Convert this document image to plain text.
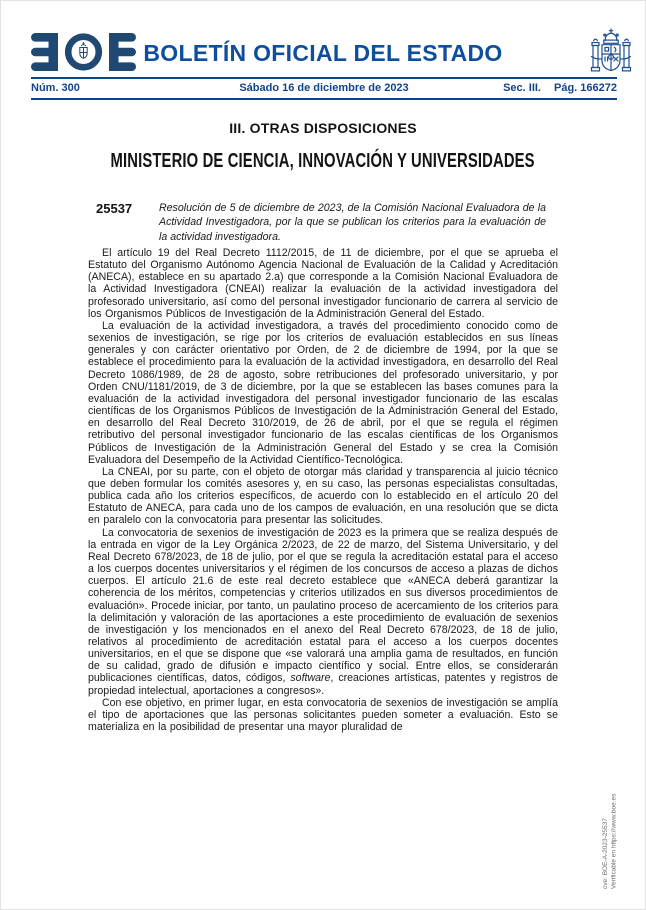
BOLETÍN OFICIAL DEL ESTADO
Núm. 300	Sábado 16 de diciembre de 2023	Sec. III. Pág. 166272
III. OTRAS DISPOSICIONES
MINISTERIO DE CIENCIA, INNOVACIÓN Y UNIVERSIDADES
25537	Resolución de 5 de diciembre de 2023, de la Comisión Nacional Evaluadora de la Actividad Investigadora, por la que se publican los criterios para la evaluación de la actividad investigadora.

El artículo 19 del Real Decreto 1112/2015, de 11 de diciembre, por el que se aprueba el Estatuto del Organismo Autónomo Agencia Nacional de Evaluación de la Calidad y Acreditación (ANECA), establece en su apartado 2.a) que corresponde a la Comisión Nacional Evaluadora de la Actividad Investigadora (CNEAI) realizar la evaluación de la actividad investigadora del profesorado universitario, así como del personal investigador funcionario de carrera al servicio de los Organismos Públicos de Investigación de la Administración General del Estado.

La evaluación de la actividad investigadora, a través del procedimiento conocido como de sexenios de investigación, se rige por los criterios de evaluación establecidos en sus líneas generales y con carácter orientativo por Orden, de 2 de diciembre de 1994, por la que se establece el procedimiento para la evaluación de la actividad investigadora, en desarrollo del Real Decreto 1086/1989, de 28 de agosto, sobre retribuciones del profesorado universitario, y por Orden CNU/1181/2019, de 3 de diciembre, por la que se establecen las bases comunes para la evaluación de la actividad investigadora del personal investigador funcionario de las escalas científicas de los Organismos Públicos de Investigación de la Administración General del Estado, en desarrollo del Real Decreto 310/2019, de 26 de abril, por el que se regula el régimen retributivo del personal investigador funcionario de las escalas científicas de los Organismos Públicos de Investigación de la Administración General del Estado y se crea la Comisión Evaluadora del Desempeño de la Actividad Científico-Tecnológica.

La CNEAI, por su parte, con el objeto de otorgar más claridad y transparencia al juicio técnico que deben formular los comités asesores y, en su caso, las personas especialistas consultadas, publica cada año los criterios específicos, de acuerdo con lo establecido en el artículo 20 del Estatuto de ANECA, para cada uno de los campos de evaluación, en una resolución que se dicta en paralelo con la convocatoria para presentar las solicitudes.

La convocatoria de sexenios de investigación de 2023 es la primera que se realiza después de la entrada en vigor de la Ley Orgánica 2/2023, de 22 de marzo, del Sistema Universitario, y del Real Decreto 678/2023, de 18 de julio, por el que se regula la acreditación estatal para el acceso a los cuerpos docentes universitarios y el régimen de los concursos de acceso a plazas de dichos cuerpos. El artículo 21.6 de este real decreto establece que «ANECA deberá garantizar la coherencia de los méritos, competencias y criterios utilizados en sus diversos procedimientos de evaluación». Procede iniciar, por tanto, un paulatino proceso de acercamiento de los criterios para la delimitación y valoración de las aportaciones a este procedimiento de evaluación de sexenios de investigación y los mencionados en el anexo del Real Decreto 678/2023, de 18 de julio, relativos al procedimiento de acreditación estatal para el acceso a los cuerpos docentes universitarios, en el que se dispone que «se valorará una amplia gama de resultados, en función de su calidad, grado de difusión e impacto científico y social. Entre ellos, se considerarán publicaciones científicas, datos, códigos, software, creaciones artísticas, patentes y registros de propiedad intelectual, aportaciones a congresos».

Con ese objetivo, en primer lugar, en esta convocatoria de sexenios de investigación se amplía el tipo de aportaciones que las personas solicitantes pueden someter a evaluación. Esto se materializa en la posibilidad de presentar una mayor pluralidad de

cve: BOE-A-2023-25537 Verificable en https://www.boe.es
